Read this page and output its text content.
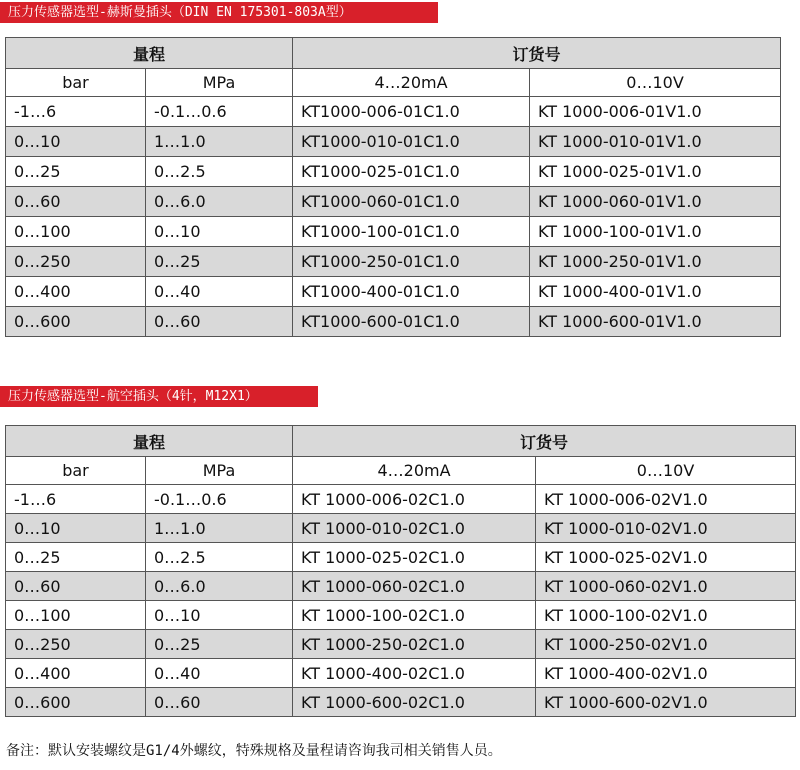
压力传感器选型-赫斯曼插头（DIN EN 175301-803A型）
量程		订货号	
bar	MPa	4…20mA	0…10V
-1…6	-0.1…0.6	KT1000-006-01C1.0	KT 1000-006-01V1.0
0…10	1…1.0	KT1000-010-01C1.0	KT 1000-010-01V1.0
0…25	0…2.5	KT1000-025-01C1.0	KT 1000-025-01V1.0
0…60	0…6.0	KT1000-060-01C1.0	KT 1000-060-01V1.0
0…100	0…10	KT1000-100-01C1.0	KT 1000-100-01V1.0
0…250	0…25	KT1000-250-01C1.0	KT 1000-250-01V1.0
0…400	0…40	KT1000-400-01C1.0	KT 1000-400-01V1.0
0…600	0…60	KT1000-600-01C1.0	KT 1000-600-01V1.0
压力传感器选型-航空插头（4针，M12X1）
量程		订货号	
bar	MPa	4…20mA	0…10V
-1…6	-0.1…0.6	KT 1000-006-02C1.0	KT 1000-006-02V1.0
0…10	1…1.0	KT 1000-010-02C1.0	KT 1000-010-02V1.0
0…25	0…2.5	KT 1000-025-02C1.0	KT 1000-025-02V1.0
0…60	0…6.0	KT 1000-060-02C1.0	KT 1000-060-02V1.0
0…100	0…10	KT 1000-100-02C1.0	KT 1000-100-02V1.0
0…250	0…25	KT 1000-250-02C1.0	KT 1000-250-02V1.0
0…400	0…40	KT 1000-400-02C1.0	KT 1000-400-02V1.0
0…600	0…60	KT 1000-600-02C1.0	KT 1000-600-02V1.0
备注：默认安装螺纹是G1/4外螺纹，特殊规格及量程请咨询我司相关销售人员。
